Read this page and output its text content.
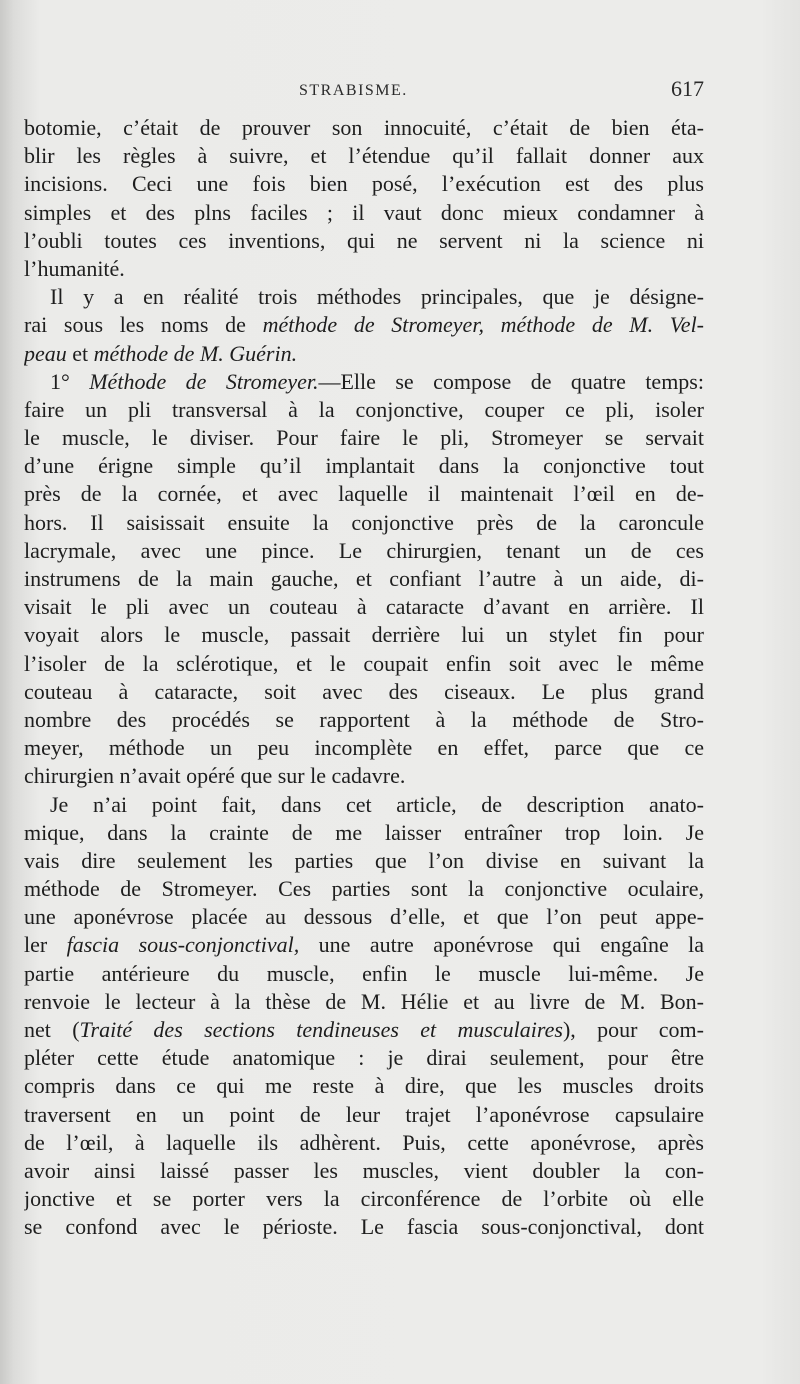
STRABISME.	617
botomie, c’était de prouver son innocuité, c’était de bien éta-
blir les règles à suivre, et l’étendue qu’il fallait donner aux
incisions. Ceci une fois bien posé, l’exécution est des plus
simples et des plns faciles ; il vaut donc mieux condamner à
l’oubli toutes ces inventions, qui ne servent ni la science ni
l’humanité.
Il y a en réalité trois méthodes principales, que je désigne-
rai sous les noms de méthode de Stromeyer, méthode de M. Vel-
peau et méthode de M. Guérin.
1° Méthode de Stromeyer.—Elle se compose de quatre temps:
faire un pli transversal à la conjonctive, couper ce pli, isoler
le muscle, le diviser. Pour faire le pli, Stromeyer se servait
d’une érigne simple qu’il implantait dans la conjonctive tout
près de la cornée, et avec laquelle il maintenait l’œil en de-
hors. Il saisissait ensuite la conjonctive près de la caroncule
lacrymale, avec une pince. Le chirurgien, tenant un de ces
instrumens de la main gauche, et confiant l’autre à un aide, di-
visait le pli avec un couteau à cataracte d’avant en arrière. Il
voyait alors le muscle, passait derrière lui un stylet fin pour
l’isoler de la sclérotique, et le coupait enfin soit avec le même
couteau à cataracte, soit avec des ciseaux. Le plus grand
nombre des procédés se rapportent à la méthode de Stro-
meyer, méthode un peu incomplète en effet, parce que ce
chirurgien n’avait opéré que sur le cadavre.
Je n’ai point fait, dans cet article, de description anato-
mique, dans la crainte de me laisser entraîner trop loin. Je
vais dire seulement les parties que l’on divise en suivant la
méthode de Stromeyer. Ces parties sont la conjonctive oculaire,
une aponévrose placée au dessous d’elle, et que l’on peut appe-
ler fascia sous-conjonctival, une autre aponévrose qui engaîne la
partie antérieure du muscle, enfin le muscle lui-même. Je
renvoie le lecteur à la thèse de M. Hélie et au livre de M. Bon-
net (Traité des sections tendineuses et musculaires), pour com-
pléter cette étude anatomique : je dirai seulement, pour être
compris dans ce qui me reste à dire, que les muscles droits
traversent en un point de leur trajet l’aponévrose capsulaire
de l’œil, à laquelle ils adhèrent. Puis, cette aponévrose, après
avoir ainsi laissé passer les muscles, vient doubler la con-
jonctive et se porter vers la circonférence de l’orbite où elle
se confond avec le périoste. Le fascia sous-conjonctival, dont
